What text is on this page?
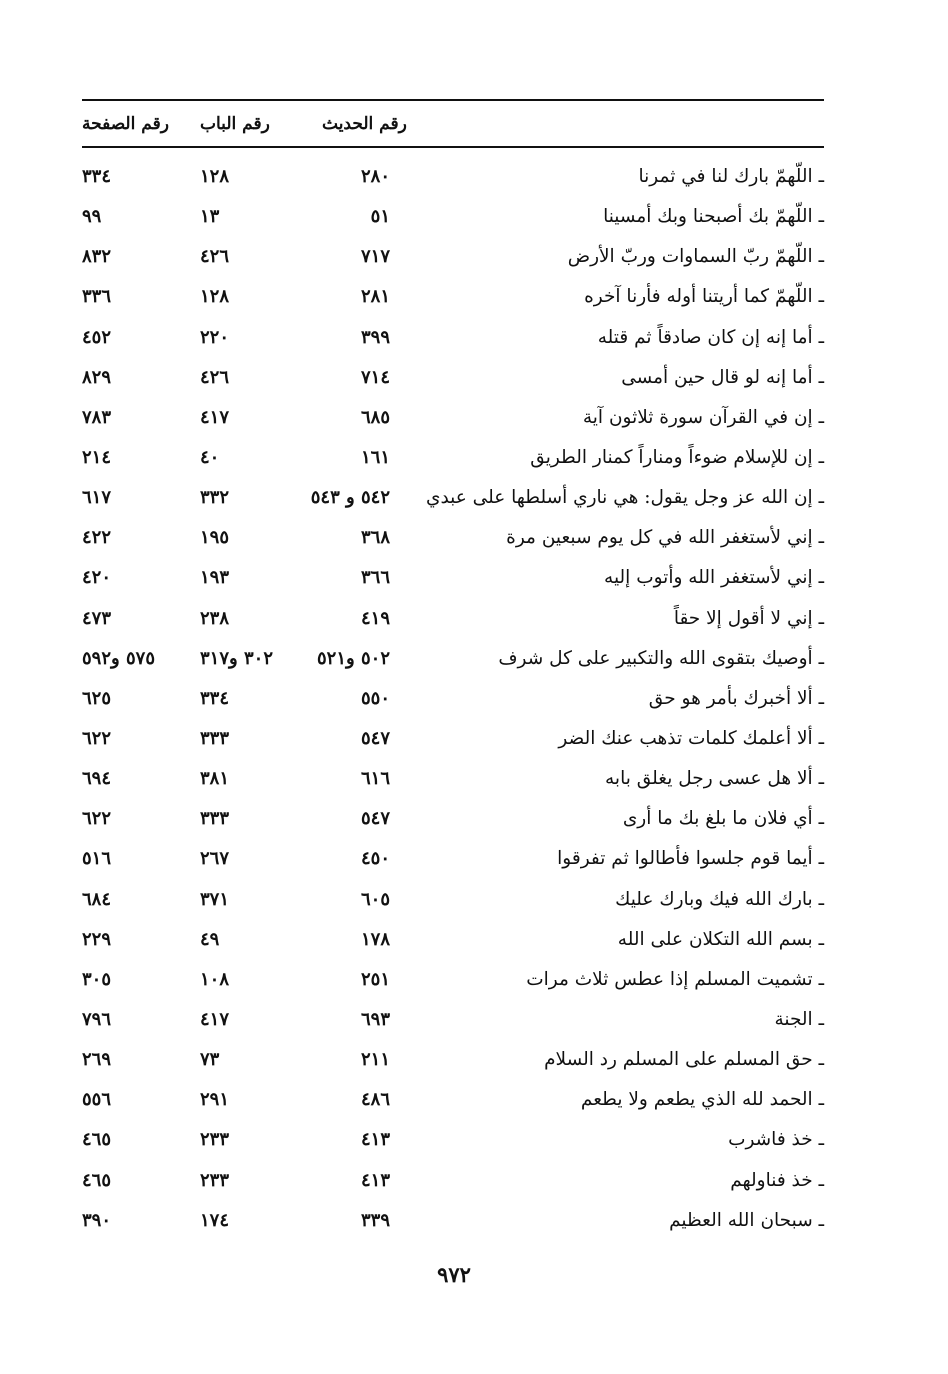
رقم الصفحة رقم الباب	رقم الحديث
ـ اللّهمّ بارك لنا في ثمرنا
٢٨٠
١٢٨
٣٣٤
ـ اللّهمّ بك أصبحنا وبك أمسينا
٥١
١٣
٩٩
ـ اللّهمّ ربّ السماوات وربّ الأرض
٧١٧
٤٢٦
٨٣٢
ـ اللّهمّ كما أريتنا أوله فأرنا آخره
٢٨١
١٢٨
٣٣٦
ـ أما إنه إن كان صادقاً ثم قتله
٣٩٩
٢٢٠
٤٥٢
ـ أما إنه لو قال حين أمسى
٧١٤
٤٢٦
٨٢٩
ـ إن في القرآن سورة ثلاثون آية
٦٨٥
٤١٧
٧٨٣
ـ إن للإسلام ضوءاً ومناراً كمنار الطريق
١٦١
٤٠
٢١٤
ـ إن الله عز وجل يقول: هي ناري أسلطها على عبدي
٥٤٢ و ٥٤٣
٣٣٢
٦١٧
ـ إني لأستغفر الله في كل يوم سبعين مرة
٣٦٨
١٩٥
٤٢٢
ـ إني لأستغفر الله وأتوب إليه
٣٦٦
١٩٣
٤٢٠
ـ إني لا أقول إلا حقاً
٤١٩
٢٣٨
٤٧٣
ـ أوصيك بتقوى الله والتكبير على كل شرف
٥٠٢ و٥٢١
٣٠٢ و٣١٧
٥٧٥ و٥٩٢
ـ ألا أخبرك بأمر هو حق
٥٥٠
٣٣٤
٦٢٥
ـ ألا أعلمك كلمات تذهب عنك الضر
٥٤٧
٣٣٣
٦٢٢
ـ ألا هل عسى رجل يغلق بابه
٦١٦
٣٨١
٦٩٤
ـ أي فلان ما بلغ بك ما أرى
٥٤٧
٣٣٣
٦٢٢
ـ أيما قوم جلسوا فأطالوا ثم تفرقوا
٤٥٠
٢٦٧
٥١٦
ـ بارك الله فيك وبارك عليك
٦٠٥
٣٧١
٦٨٤
ـ بسم الله التكلان على الله
١٧٨
٤٩
٢٢٩
ـ تشميت المسلم إذا عطس ثلاث مرات
٢٥١
١٠٨
٣٠٥
ـ الجنة
٦٩٣
٤١٧
٧٩٦
ـ حق المسلم على المسلم رد السلام
٢١١
٧٣
٢٦٩
ـ الحمد لله الذي يطعم ولا يطعم
٤٨٦
٢٩١
٥٥٦
ـ خذ فاشرب
٤١٣
٢٣٣
٤٦٥
ـ خذ فناولهم
٤١٣
٢٣٣
٤٦٥
ـ سبحان الله العظيم
٣٣٩
١٧٤
٣٩٠
٩٧٢
